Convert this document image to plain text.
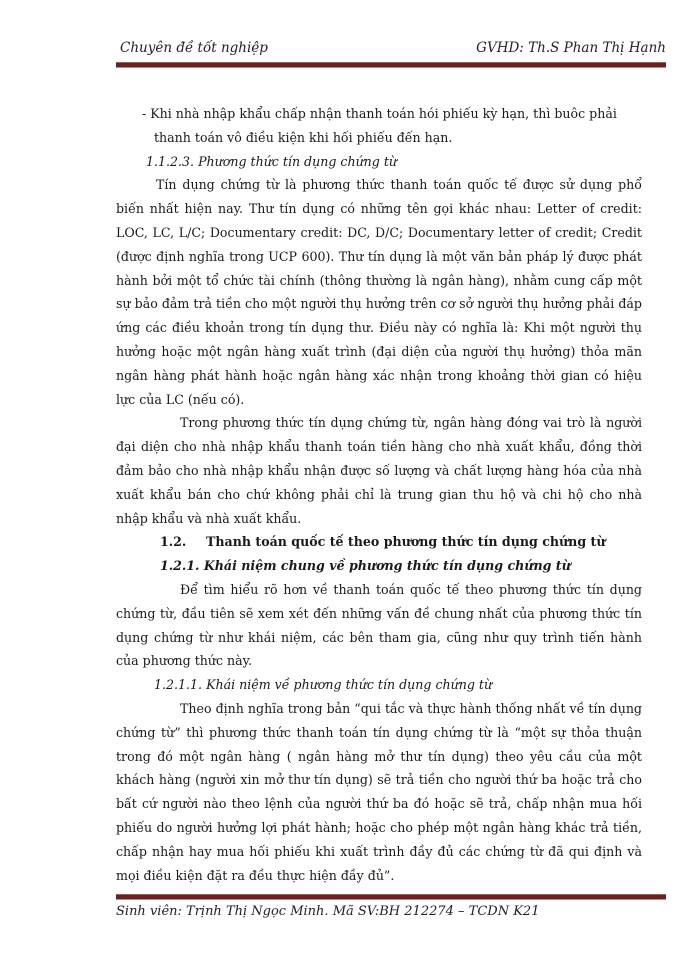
Chuyên đề tốt nghiệp	GVHD: Th.S Phan Thị Hạnh

- Khi nhà nhập khẩu chấp nhận thanh toán hói phiếu kỳ hạn, thì buôc phải

thanh toán vô điều kiện khi hối phiếu đến hạn.

1.1.2.3. Phương thức tín dụng chứng từ

Tín dụng chứng từ là phương thức thanh toán quốc tế được sử dụng phổ biến nhất hiện nay. Thư tín dụng có những tên gọi khác nhau: Letter of credit: LOC, LC, L/C; Documentary credit: DC, D/C; Documentary letter of credit; Credit (được định nghĩa trong UCP 600). Thư tín dụng là một văn bản pháp lý được phát hành bởi một tổ chức tài chính (thông thường là ngân hàng), nhằm cung cấp một sự bảo đảm trả tiền cho một người thụ hưởng trên cơ sở người thụ hưởng phải đáp ứng các điều khoản trong tín dụng thư. Điều này có nghĩa là: Khi một người thụ hưởng hoặc một ngân hàng xuất trình (đại diện của người thụ hưởng) thỏa mãn ngân hàng phát hành hoặc ngân hàng xác nhận trong khoảng thời gian có hiệu lực của LC (nếu có).

Trong phương thức tín dụng chứng từ, ngân hàng đóng vai trò là người đại diện cho nhà nhập khẩu thanh toán tiền hàng cho nhà xuất khẩu, đồng thời đảm bảo cho nhà nhập khẩu nhận được số lượng và chất lượng hàng hóa của nhà xuất khẩu bán cho chứ không phải chỉ là trung gian thu hộ và chi hộ cho nhà nhập khẩu và nhà xuất khẩu.

1.2. Thanh toán quốc tế theo phương thức tín dụng chứng từ

1.2.1. Khái niệm chung về phương thức tín dụng chứng từ

Để tìm hiểu rõ hơn về thanh toán quốc tế theo phương thức tín dụng chứng từ, đầu tiên sẽ xem xét đến những vấn đề chung nhất của phương thức tín dụng chứng từ như khái niệm, các bên tham gia, cũng như quy trình tiến hành của phương thức này.

1.2.1.1. Khái niệm về phương thức tín dụng chứng từ

Theo định nghĩa trong bản “qui tắc và thực hành thống nhất về tín dụng chứng từ” thì phương thức thanh toán tín dụng chứng từ là “một sự thỏa thuận trong đó một ngân hàng ( ngân hàng mở thư tín dụng) theo yêu cầu của một khách hàng (người xin mở thư tín dụng) sẽ trả tiền cho người thứ ba hoặc trả cho bất cứ người nào theo lệnh của người thứ ba đó hoặc sẽ trả, chấp nhận mua hối phiếu do người hưởng lợi phát hành; hoặc cho phép một ngân hàng khác trả tiền, chấp nhận hay mua hối phiếu khi xuất trình đầy đủ các chứng từ đã qui định và mọi điều kiện đặt ra đều thực hiện đầy đủ”.

Sinh viên: Trịnh Thị Ngọc Minh. Mã SV:BH 212274 – TCDN K21
